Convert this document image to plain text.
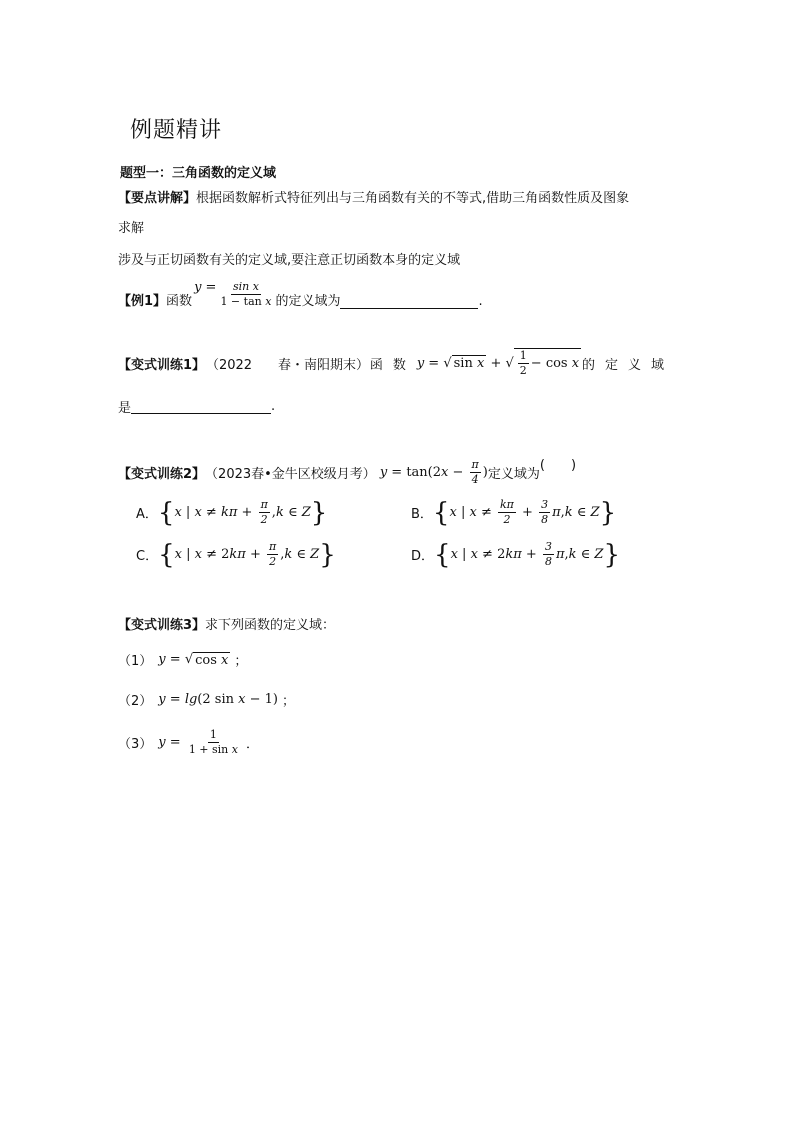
例题精讲
题型一：三角函数的定义域
【要点讲解】根据函数解析式特征列出与三角函数有关的不等式,借助三角函数性质及图象
求解
涉及与正切函数有关的定义域,要注意正切函数本身的定义域
【例1】 函数
$y = \frac{\text{sin x}}{\text{1 − tan x}}$ 的定义域为	.
【变式训练1】 （2022　　春・南阳期末） 函数 y = √ sin x + √ $\frac{1}{2} - \cos x$ 的定义域
是	.
【变式训练2】 （2023春•金牛区校级月考） y = tan(2 $x - \frac{\pi}{4}$ ) 定义域为
(　　)
A． { x | $x \ne k\pi + \frac{\pi}{2}$ , k ∈ Z }	B． { x | $x \ne \frac{k\pi}{2} + \frac{3}{8}$ π , k ∈ Z }
C． { x | x ≠ 2 $k\pi + \frac{\pi}{2}$ , k ∈ Z }	D． { x | x ≠ 2 $k\pi + \frac{3}{8}$ π , k ∈ Z }
【变式训练3】求下列函数的定义域：
（1） y = √ cos x ；
（2） y = lg (2 sin x − 1) ；
（3） $y = \frac{1}{\text{1 + sin x}}$ ．
